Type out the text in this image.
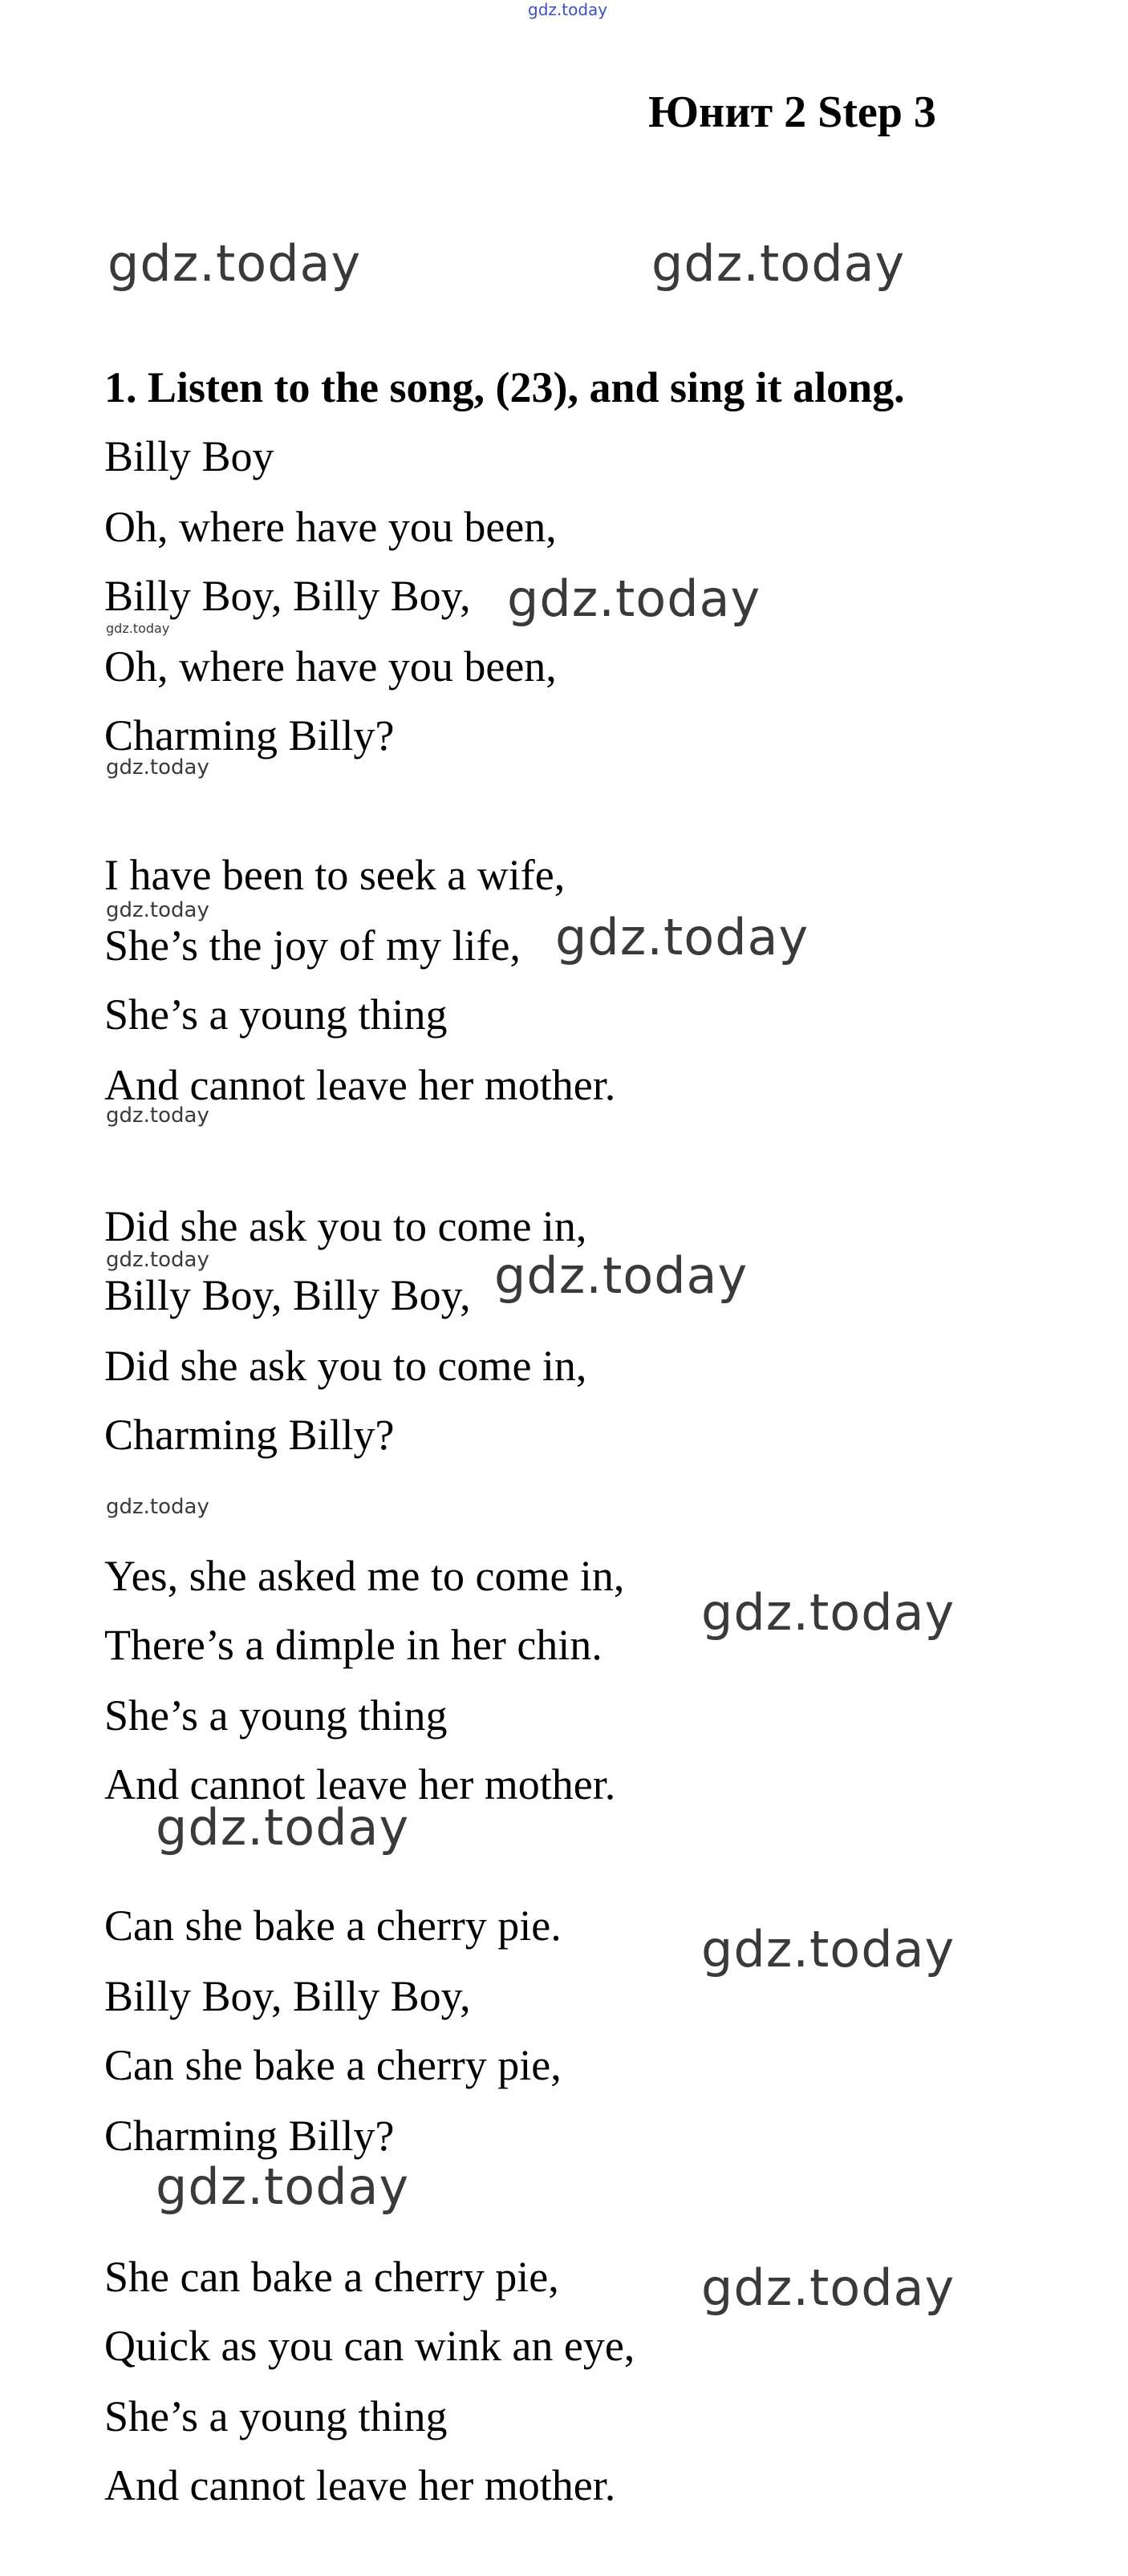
gdz.today
Юнит 2 Step 3
gdz.today	gdz.today
1. Listen to the song, (23), and sing it along.
Billy Boy
Oh, where have you been,
Billy Boy, Billy Boy, gdz.today
gdz.today
Oh, where have you been,
Charming Billy?
gdz.today
I have been to seek a wife,
gdz.today
She’s the joy of my life, gdz.today
She’s a young thing
And cannot leave her mother.
gdz.today
Did she ask you to come in,
gdz.today
Billy Boy, Billy Boy, gdz.today
Did she ask you to come in,
Charming Billy?
gdz.today
Yes, she asked me to come in,
gdz.today
There’s a dimple in her chin.
She’s a young thing
And cannot leave her mother.
gdz.today
Can she bake a cherry pie.	gdz.today
Billy Boy, Billy Boy,
Can she bake a cherry pie,
Charming Billy?
gdz.today
She can bake a cherry pie,	gdz.today
Quick as you can wink an eye,
She’s a young thing
And cannot leave her mother.
